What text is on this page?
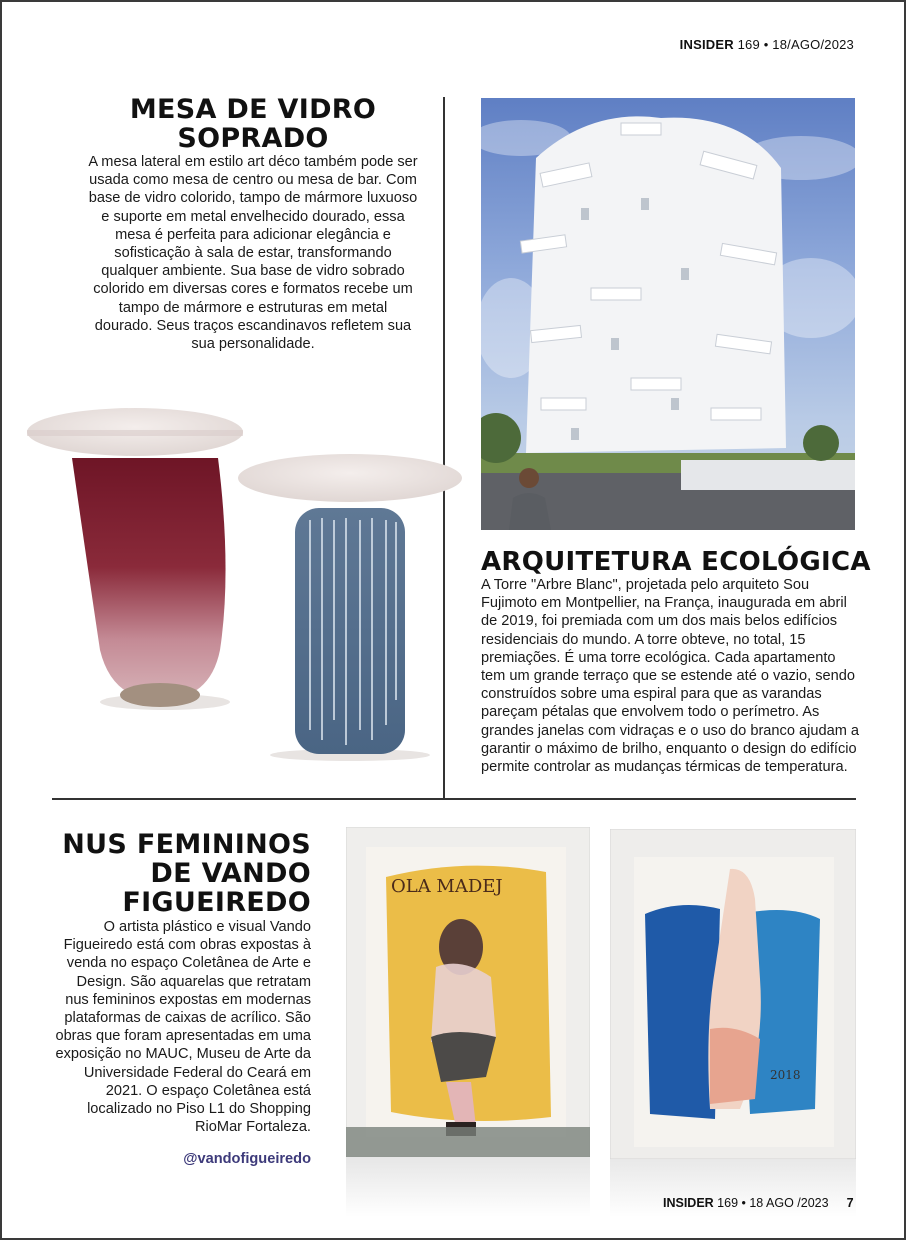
INSIDER 169 • 18/AGO/2023
MESA DE VIDRO SOPRADO

A mesa lateral em estilo art déco também pode ser usada como mesa de centro ou mesa de bar. Com base de vidro colorido, tampo de mármore luxuoso e suporte em metal envelhecido dourado, essa mesa é perfeita para adicionar elegância e sofisticação à sala de estar, transformando qualquer ambiente. Sua base de vidro sobrado colorido em diversas cores e formatos recebe um tampo de mármore e estruturas em metal dourado. Seus traços escandinavos refletem sua sua personalidade.

ARQUITETURA ECOLÓGICA

A Torre "Arbre Blanc", projetada pelo arquiteto Sou Fujimoto em Montpellier, na França, inaugurada em abril de 2019, foi premiada com um dos mais belos edifícios residenciais do mundo. A torre obteve, no total, 15 premiações. É uma torre ecológica. Cada apartamento tem um grande terraço que se estende até o vazio, sendo construídos sobre uma espiral para que as varandas pareçam pétalas que envolvem todo o perímetro. As grandes janelas com vidraças e o uso do branco ajudam a garantir o máximo de brilho, enquanto o design do edifício permite controlar as mudanças térmicas de temperatura.

NUS FEMININOS DE VANDO FIGUEIREDO

O artista plástico e visual Vando Figueiredo está com obras expostas à venda no espaço Coletânea de Arte e Design. São aquarelas que retratam nus femininos expostas em modernas plataformas de caixas de acrílico. São obras que foram apresentadas em uma exposição no MAUC, Museu de Arte da Universidade Federal do Ceará em 2021. O espaço Coletânea está localizado no Piso L1 do Shopping RioMar Fortaleza.

@vandofigueiredo
OLA MADEJ
2018
INSIDER 169 • 18 AGO /2023 7
